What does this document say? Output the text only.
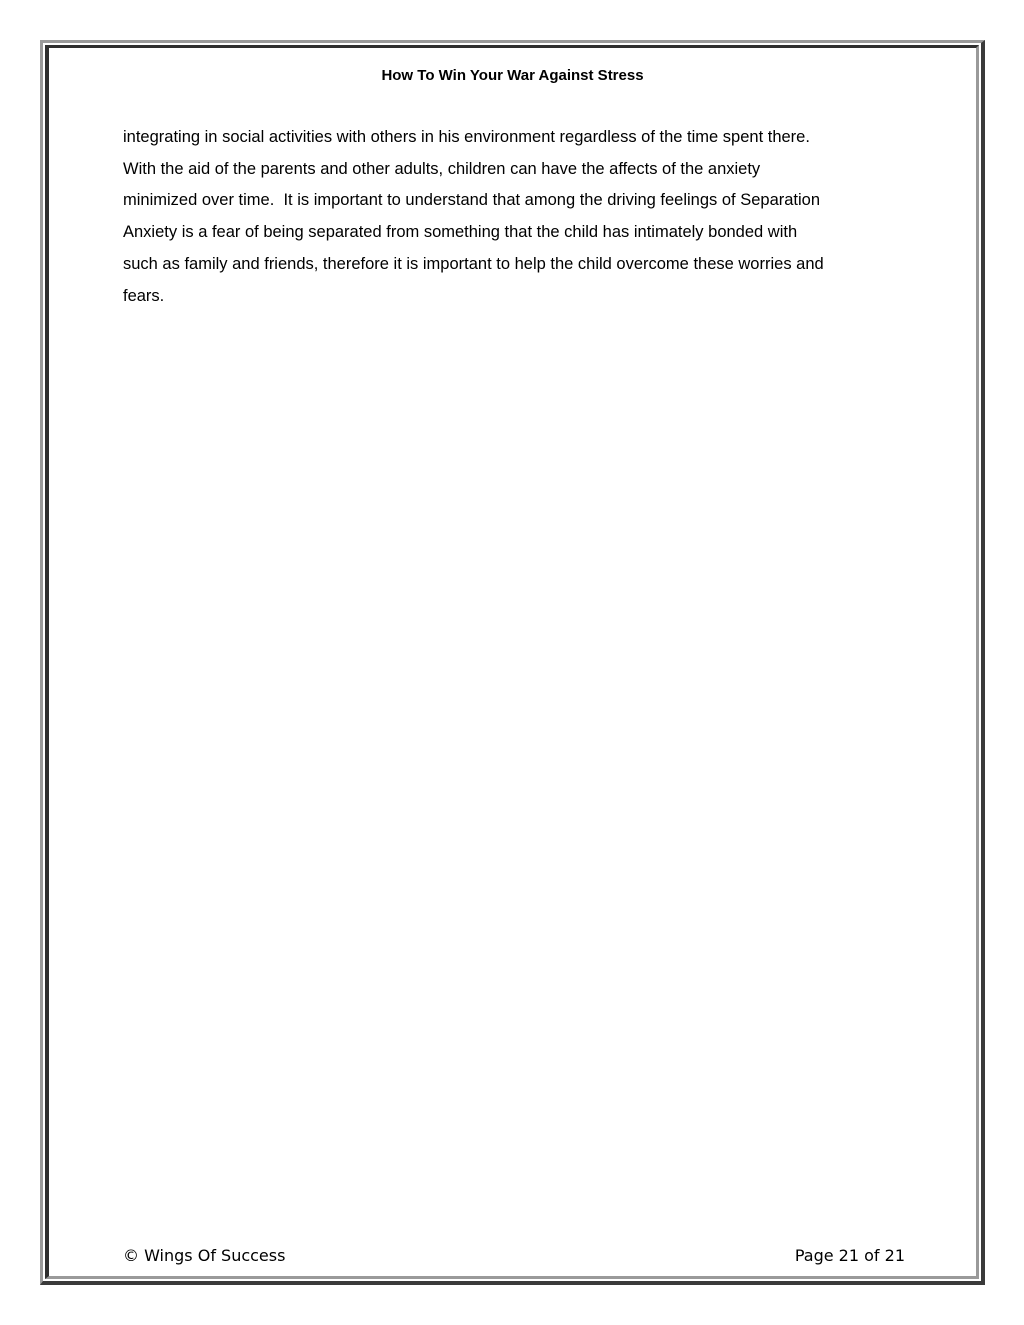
How To Win Your War Against Stress

integrating in social activities with others in his environment regardless of the time spent there.
With the aid of the parents and other adults, children can have the affects of the anxiety
minimized over time.  It is important to understand that among the driving feelings of Separation
Anxiety is a fear of being separated from something that the child has intimately bonded with
such as family and friends, therefore it is important to help the child overcome these worries and
fears.

© Wings Of Success	Page 21 of 21
